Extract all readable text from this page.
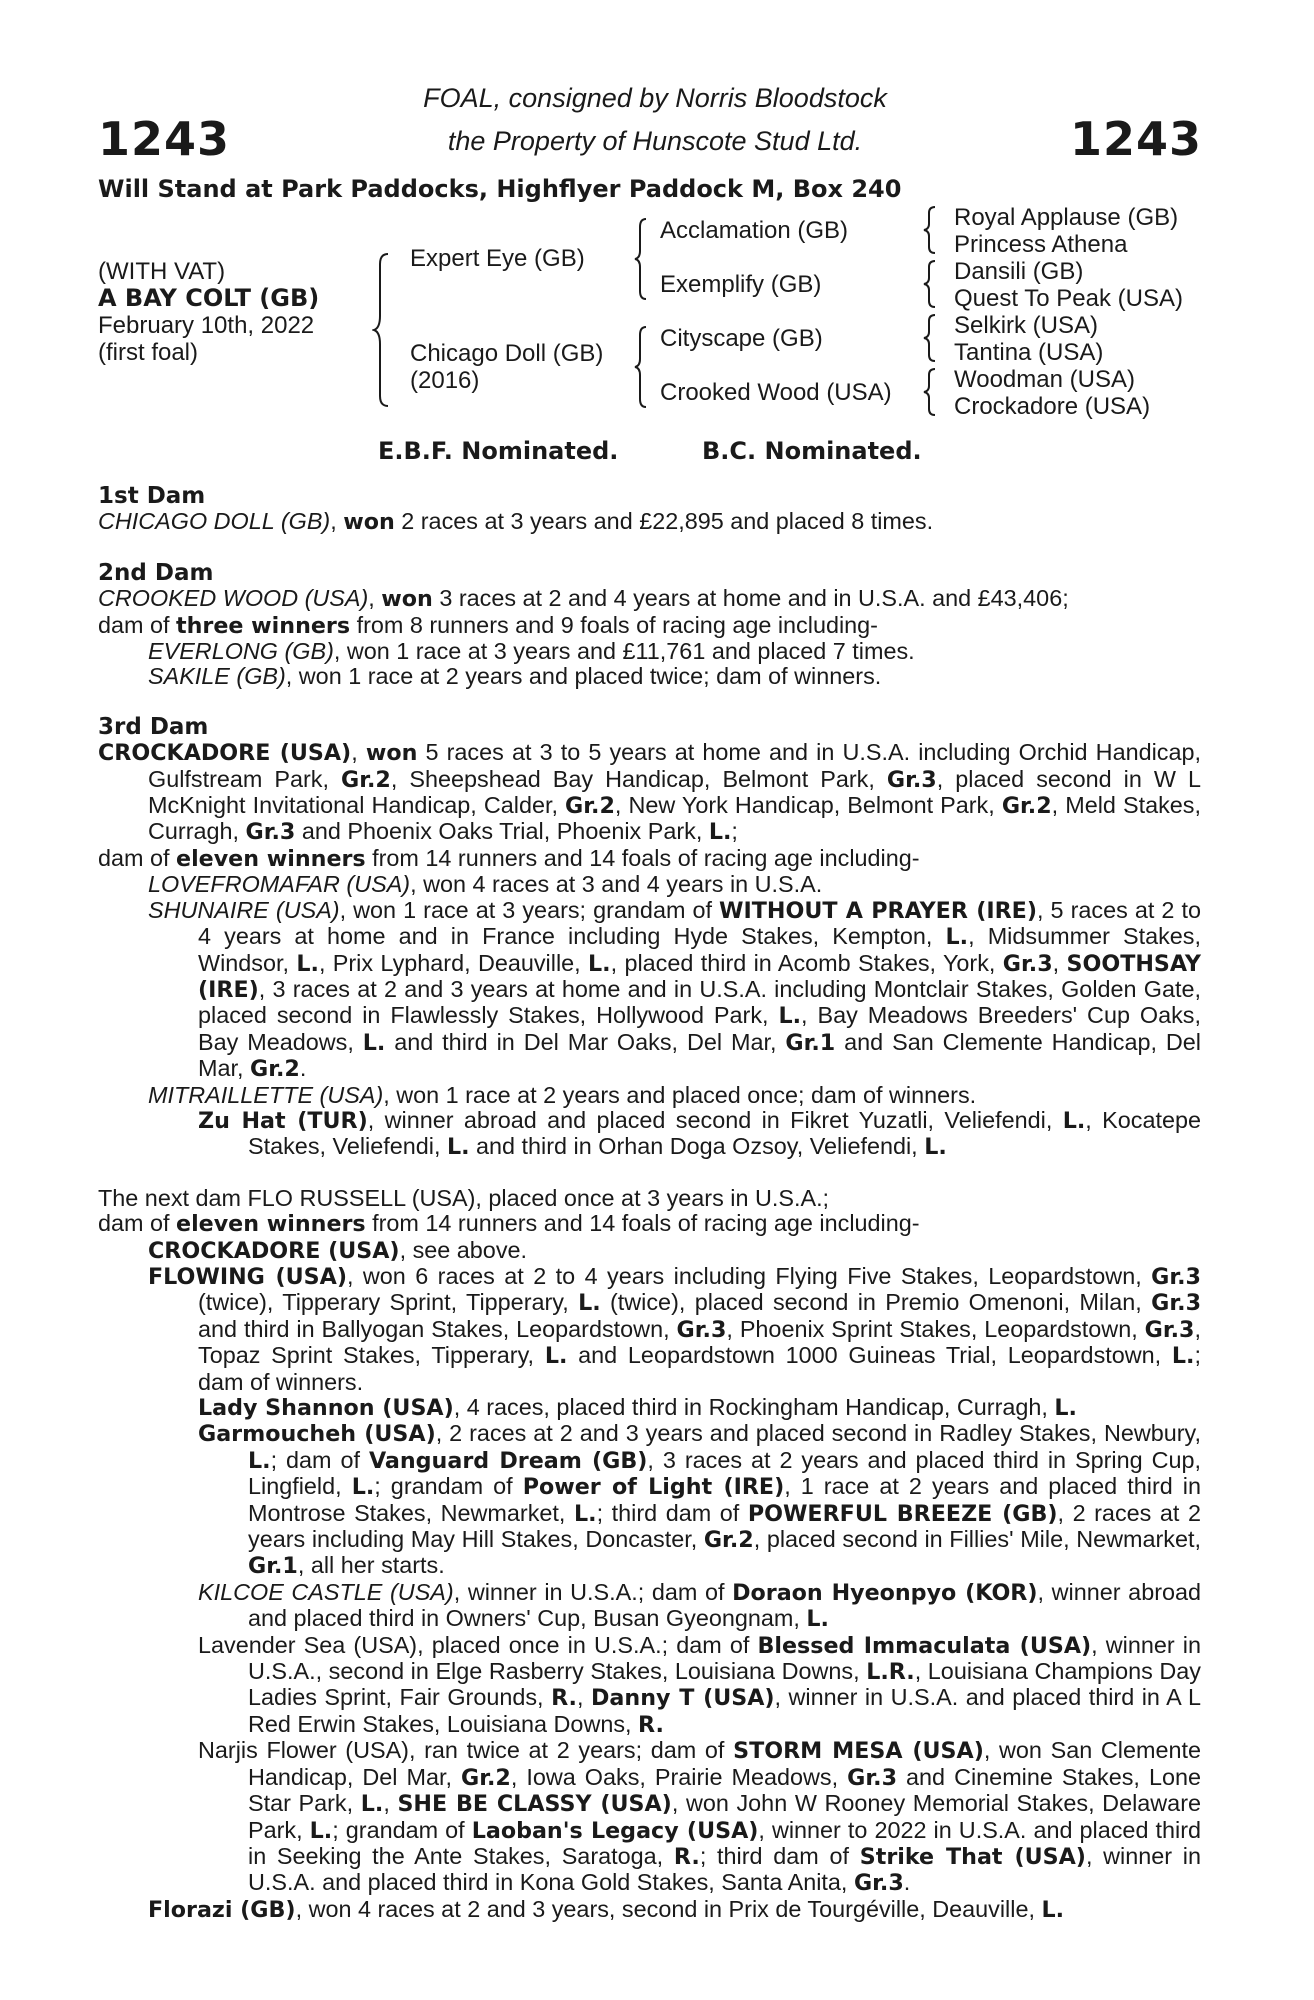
1243	1243
FOAL, consigned by Norris Bloodstock
the Property of Hunscote Stud Ltd.
Will Stand at Park Paddocks, Highflyer Paddock M, Box 240
(WITH VAT)
A BAY COLT (GB)
February 10th, 2022
(first foal)
Expert Eye (GB)
Chicago Doll (GB)
(2016)
Acclamation (GB)
Exemplify (GB)
Cityscape (GB)
Crooked Wood (USA)
Royal Applause (GB)
Princess Athena
Dansili (GB)
Quest To Peak (USA)
Selkirk (USA)
Tantina (USA)
Woodman (USA)
Crockadore (USA)
E.B.F. Nominated.	B.C. Nominated.
1st Dam

CHICAGO DOLL (GB), won 2 races at 3 years and £22,895 and placed 8 times.

2nd Dam

CROOKED WOOD (USA), won 3 races at 2 and 4 years at home and in U.S.A. and £43,406;

dam of three winners from 8 runners and 9 foals of racing age including-

EVERLONG (GB), won 1 race at 3 years and £11,761 and placed 7 times.

SAKILE (GB), won 1 race at 2 years and placed twice; dam of winners.

3rd Dam

CROCKADORE (USA), won 5 races at 3 to 5 years at home and in U.S.A. including Orchid Handicap, Gulfstream Park, Gr.2, Sheepshead Bay Handicap, Belmont Park, Gr.3, placed second in W L McKnight Invitational Handicap, Calder, Gr.2, New York Handicap, Belmont Park, Gr.2, Meld Stakes, Curragh, Gr.3 and Phoenix Oaks Trial, Phoenix Park, L.;

dam of eleven winners from 14 runners and 14 foals of racing age including-

LOVEFROMAFAR (USA), won 4 races at 3 and 4 years in U.S.A.

SHUNAIRE (USA), won 1 race at 3 years; grandam of WITHOUT A PRAYER (IRE), 5 races at 2 to 4 years at home and in France including Hyde Stakes, Kempton, L., Midsummer Stakes, Windsor, L., Prix Lyphard, Deauville, L., placed third in Acomb Stakes, York, Gr.3, SOOTHSAY (IRE), 3 races at 2 and 3 years at home and in U.S.A. including Montclair Stakes, Golden Gate, placed second in Flawlessly Stakes, Hollywood Park, L., Bay Meadows Breeders' Cup Oaks, Bay Meadows, L. and third in Del Mar Oaks, Del Mar, Gr.1 and San Clemente Handicap, Del Mar, Gr.2.

MITRAILLETTE (USA), won 1 race at 2 years and placed once; dam of winners.

Zu Hat (TUR), winner abroad and placed second in Fikret Yuzatli, Veliefendi, L., Kocatepe Stakes, Veliefendi, L. and third in Orhan Doga Ozsoy, Veliefendi, L.

The next dam FLO RUSSELL (USA), placed once at 3 years in U.S.A.;

dam of eleven winners from 14 runners and 14 foals of racing age including-

CROCKADORE (USA), see above.

FLOWING (USA), won 6 races at 2 to 4 years including Flying Five Stakes, Leopardstown, Gr.3 (twice), Tipperary Sprint, Tipperary, L. (twice), placed second in Premio Omenoni, Milan, Gr.3 and third in Ballyogan Stakes, Leopardstown, Gr.3, Phoenix Sprint Stakes, Leopardstown, Gr.3, Topaz Sprint Stakes, Tipperary, L. and Leopardstown 1000 Guineas Trial, Leopardstown, L.; dam of winners.

Lady Shannon (USA), 4 races, placed third in Rockingham Handicap, Curragh, L.

Garmoucheh (USA), 2 races at 2 and 3 years and placed second in Radley Stakes, Newbury, L.; dam of Vanguard Dream (GB), 3 races at 2 years and placed third in Spring Cup, Lingfield, L.; grandam of Power of Light (IRE), 1 race at 2 years and placed third in Montrose Stakes, Newmarket, L.; third dam of POWERFUL BREEZE (GB), 2 races at 2 years including May Hill Stakes, Doncaster, Gr.2, placed second in Fillies' Mile, Newmarket, Gr.1, all her starts.

KILCOE CASTLE (USA), winner in U.S.A.; dam of Doraon Hyeonpyo (KOR), winner abroad and placed third in Owners' Cup, Busan Gyeongnam, L.

Lavender Sea (USA), placed once in U.S.A.; dam of Blessed Immaculata (USA), winner in U.S.A., second in Elge Rasberry Stakes, Louisiana Downs, L.R., Louisiana Champions Day Ladies Sprint, Fair Grounds, R., Danny T (USA), winner in U.S.A. and placed third in A L Red Erwin Stakes, Louisiana Downs, R.

Narjis Flower (USA), ran twice at 2 years; dam of STORM MESA (USA), won San Clemente Handicap, Del Mar, Gr.2, Iowa Oaks, Prairie Meadows, Gr.3 and Cinemine Stakes, Lone Star Park, L., SHE BE CLASSY (USA), won John W Rooney Memorial Stakes, Delaware Park, L.; grandam of Laoban's Legacy (USA), winner to 2022 in U.S.A. and placed third in Seeking the Ante Stakes, Saratoga, R.; third dam of Strike That (USA), winner in U.S.A. and placed third in Kona Gold Stakes, Santa Anita, Gr.3.

Florazi (GB), won 4 races at 2 and 3 years, second in Prix de Tourgéville, Deauville, L.
